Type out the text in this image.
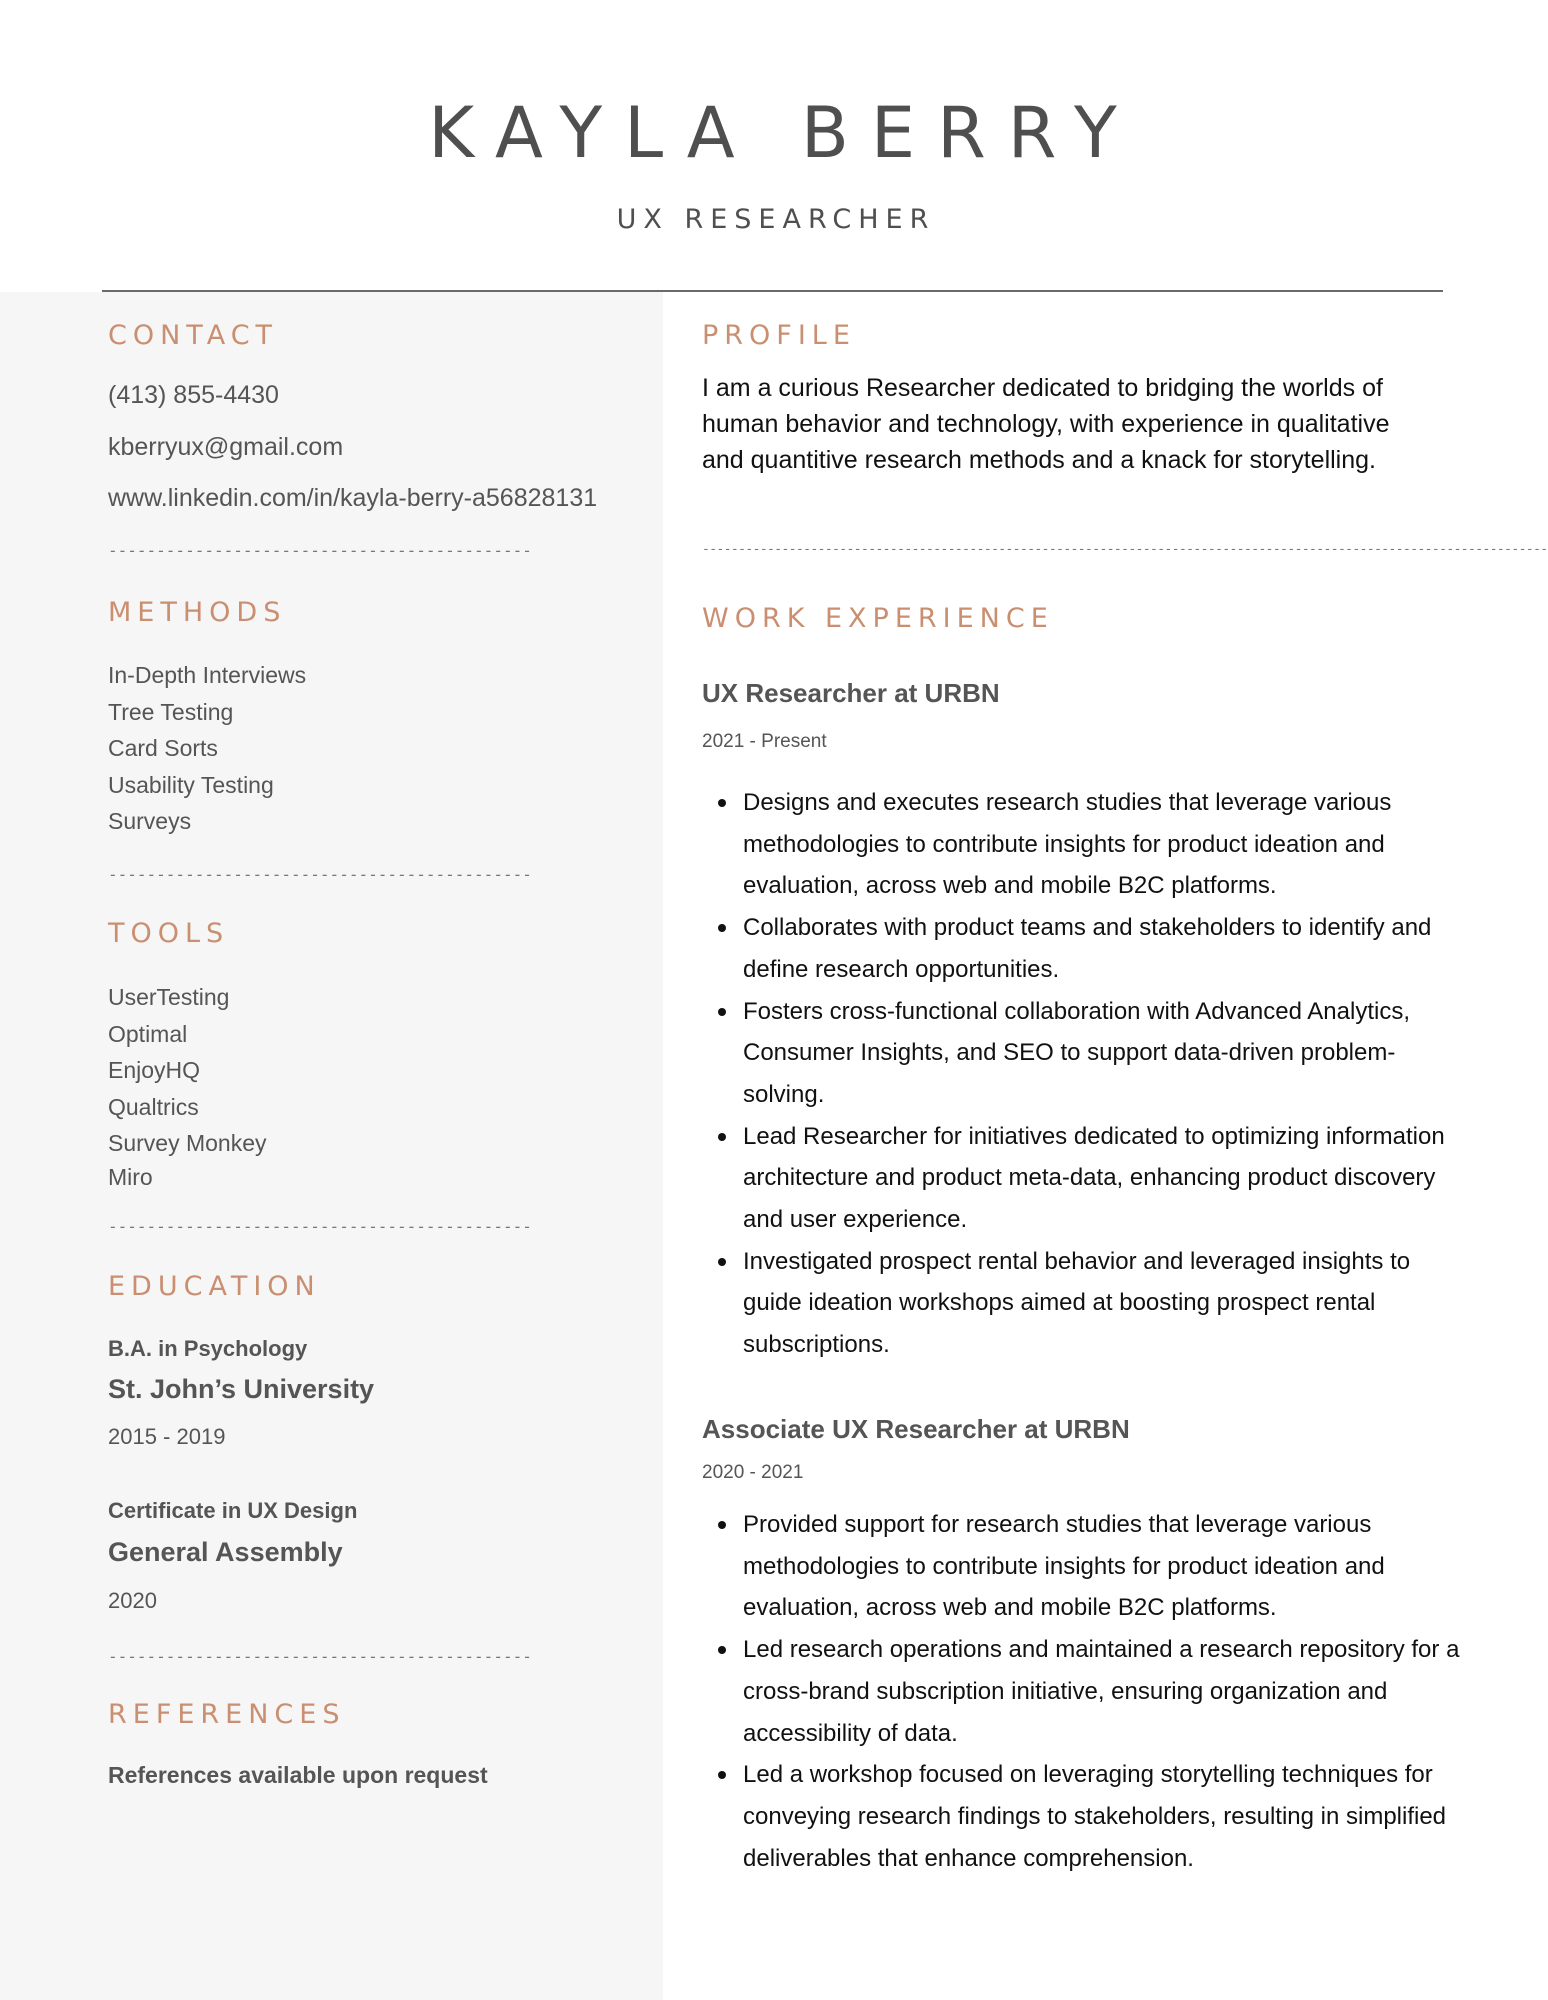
KAYLA BERRY
UX RESEARCHER
CONTACT
(413) 855-4430
kberryux@gmail.com
www.linkedin.com/in/kayla-berry-a56828131
--------------------------------------------
METHODS
In-Depth Interviews
Tree Testing
Card Sorts
Usability Testing
Surveys
--------------------------------------------
TOOLS
UserTesting
Optimal
EnjoyHQ
Qualtrics
Survey Monkey
Miro
--------------------------------------------
EDUCATION
B.A. in Psychology
St. John’s University
2015 - 2019
Certificate in UX Design
General Assembly
2020
--------------------------------------------
REFERENCES
References available upon request
PROFILE

I am a curious Researcher dedicated to bridging the worlds of human behavior and technology, with experience in qualitative and quantitive research methods and a knack for storytelling.

---------------------------------------------------------------------------------------------------------------------
WORK EXPERIENCE
UX Researcher at URBN
2021 - Present
Designs and executes research studies that leverage various methodologies to contribute insights for product ideation and evaluation, across web and mobile B2C platforms.
Collaborates with product teams and stakeholders to identify and define research opportunities.
Fosters cross-functional collaboration with Advanced Analytics, Consumer Insights, and SEO to support data-driven problem-solving.
Lead Researcher for initiatives dedicated to optimizing information architecture and product meta-data, enhancing product discovery and user experience.
Investigated prospect rental behavior and leveraged insights to guide ideation workshops aimed at boosting prospect rental subscriptions.
Associate UX Researcher at URBN
2020 - 2021
Provided support for research studies that leverage various methodologies to contribute insights for product ideation and evaluation, across web and mobile B2C platforms.
Led research operations and maintained a research repository for a cross-brand subscription initiative, ensuring organization and accessibility of data.
Led a workshop focused on leveraging storytelling techniques for conveying research findings to stakeholders, resulting in simplified deliverables that enhance comprehension.
